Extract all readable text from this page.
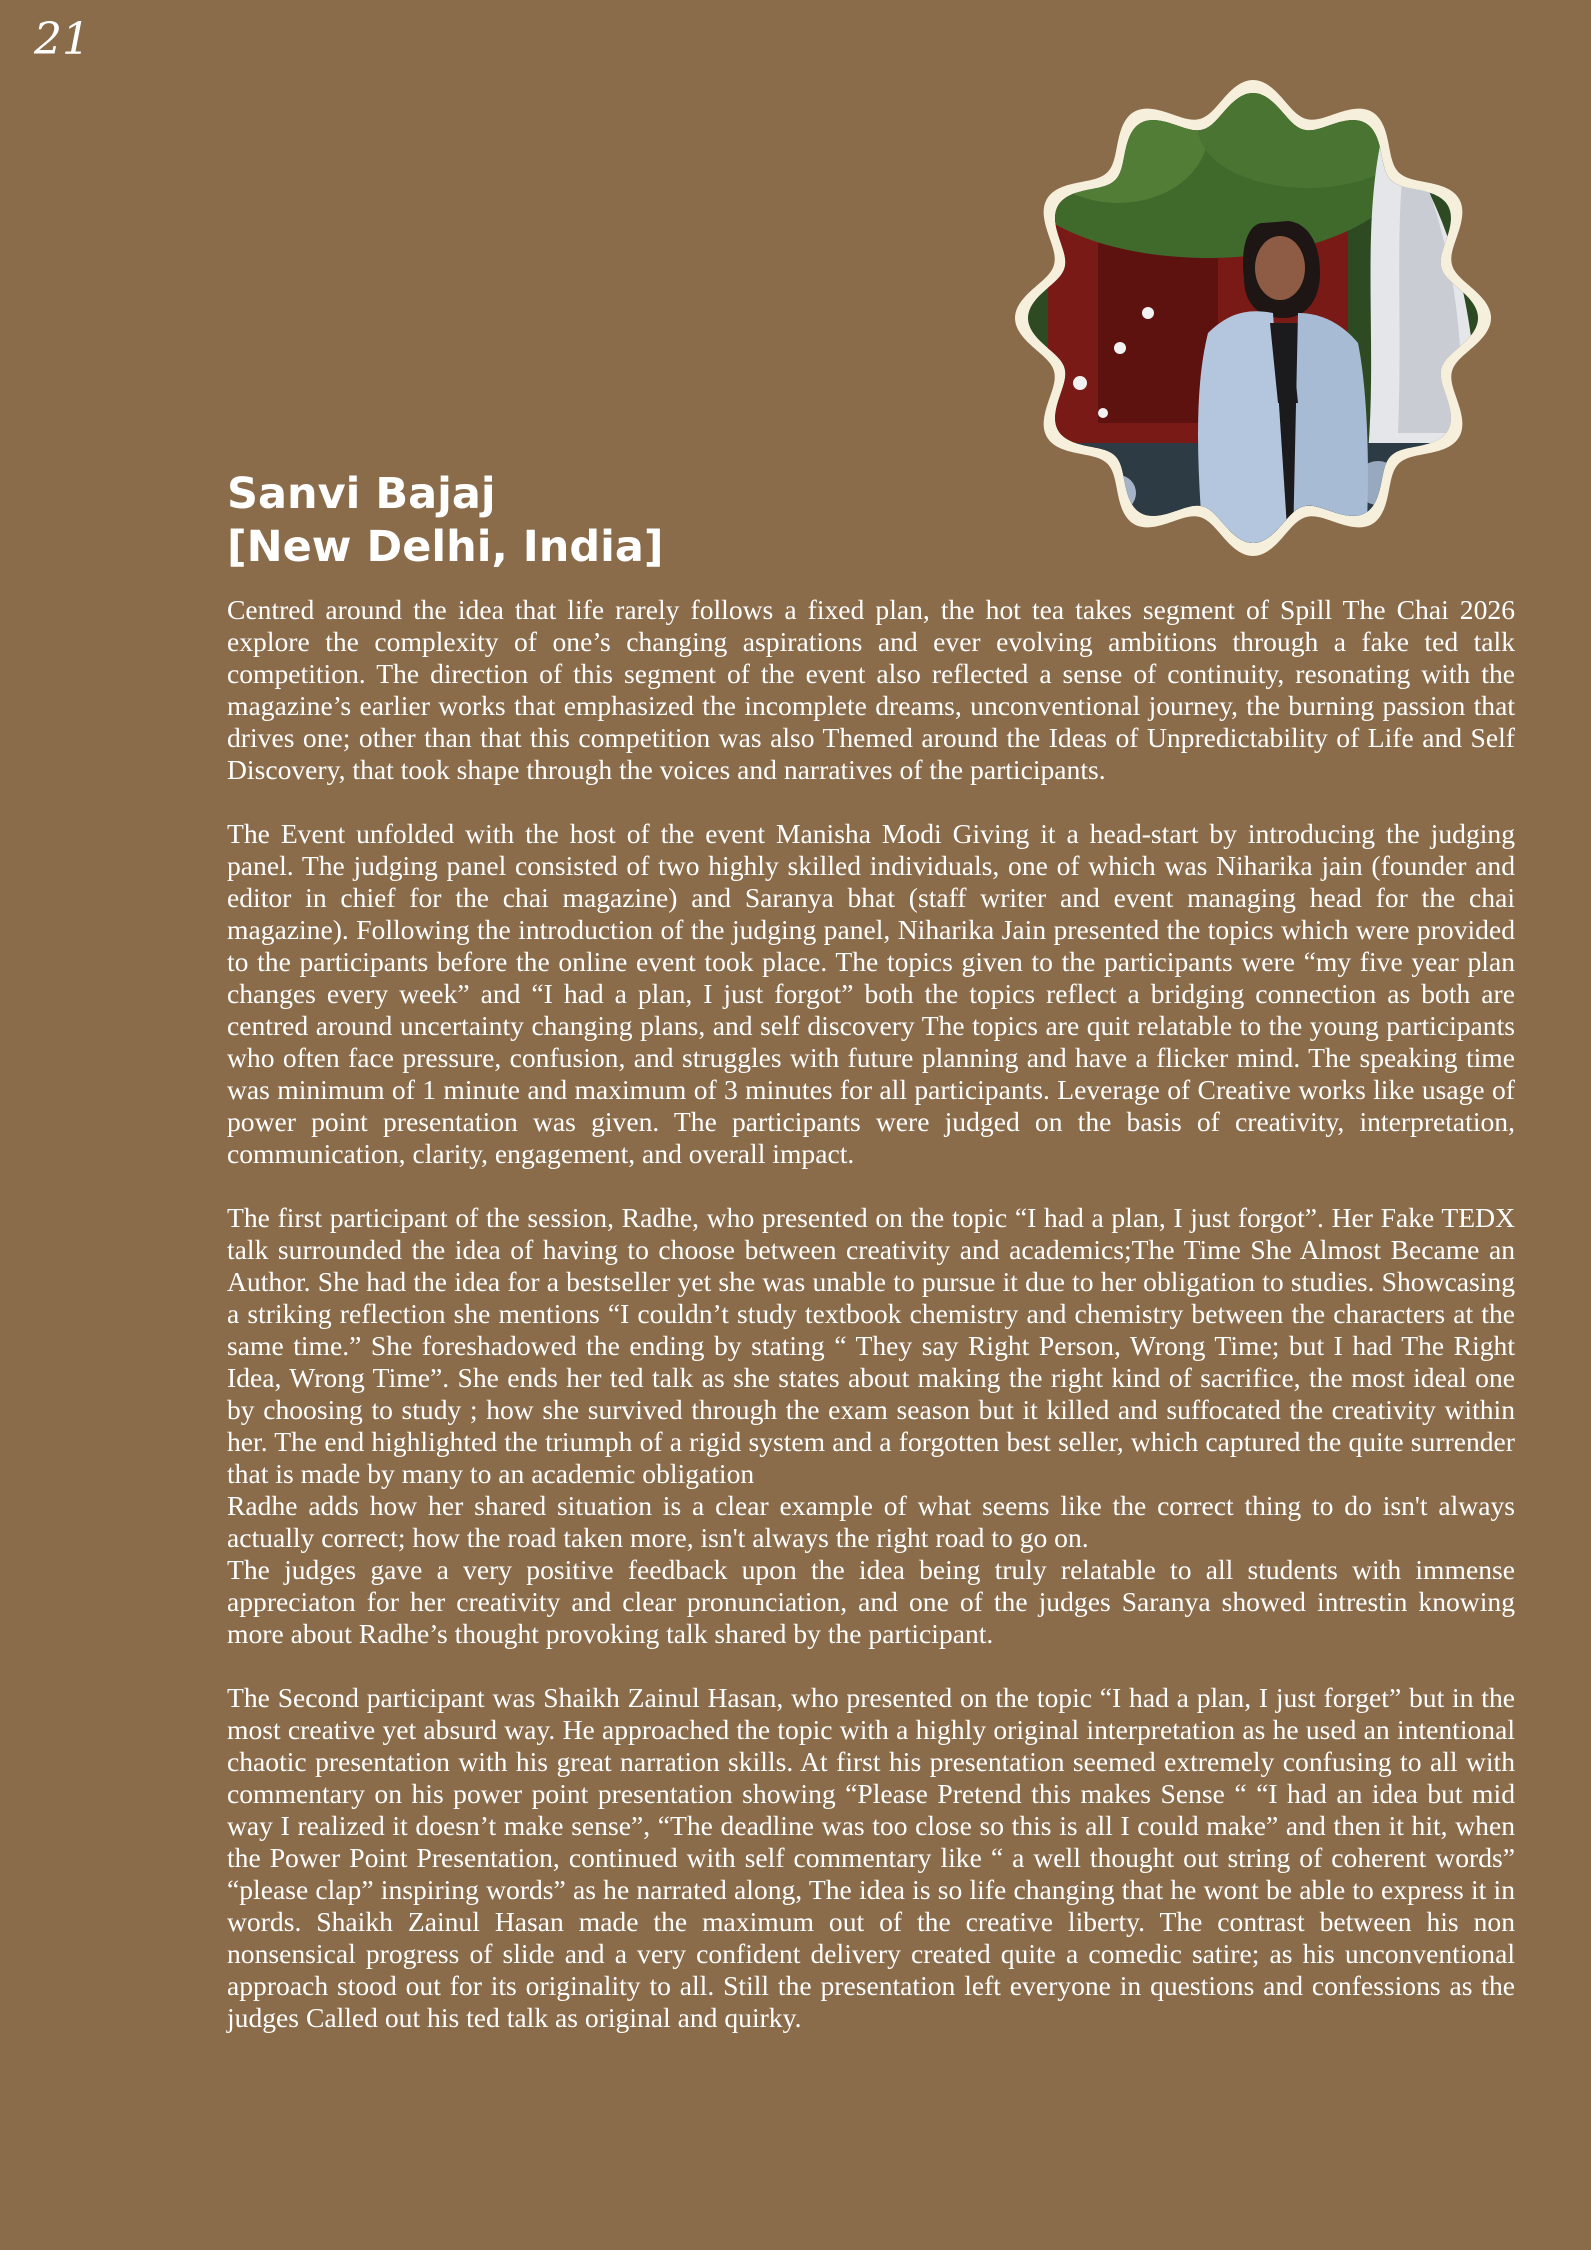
21
Sanvi Bajaj
[New Delhi, India]

Centred around the idea that life rarely follows a fixed plan, the hot tea takes segment of Spill The Chai 2026 explore the complexity of one’s changing aspirations and ever evolving ambitions through a fake ted talk competition. The direction of this segment of the event also reflected a sense of continuity, resonating with the magazine’s earlier works that emphasized the incomplete dreams, unconventional journey, the burning passion that drives one; other than that this competition was also Themed around the Ideas of Unpredictability of Life and Self Discovery, that took shape through the voices and narratives of the participants.

The Event unfolded with the host of the event Manisha Modi Giving it a head-start by introducing the judging panel. The judging panel consisted of two highly skilled individuals, one of which was Niharika jain (founder and editor in chief for the chai magazine) and Saranya bhat (staff writer and event managing head for the chai magazine). Following the introduction of the judging panel, Niharika Jain presented the topics which were provided to the participants before the online event took place. The topics given to the participants were “my five year plan changes every week” and “I had a plan, I just forgot” both the topics reflect a bridging connection as both are centred around uncertainty changing plans, and self discovery The topics are quit relatable to the young participants who often face pressure, confusion, and struggles with future planning and have a flicker mind. The speaking time was minimum of 1 minute and maximum of 3 minutes for all participants. Leverage of Creative works like usage of power point presentation was given. The participants were judged on the basis of creativity, interpretation, communication, clarity, engagement, and overall impact.

The first participant of the session, Radhe, who presented on the topic “I had a plan, I just forgot”. Her Fake TEDX talk surrounded the idea of having to choose between creativity and academics;The Time She Almost Became an Author. She had the idea for a bestseller yet she was unable to pursue it due to her obligation to studies. Showcasing a striking reflection she mentions “I couldn’t study textbook chemistry and chemistry between the characters at the same time.” She foreshadowed the ending by stating “ They say Right Person, Wrong Time; but I had The Right Idea, Wrong Time”. She ends her ted talk as she states about making the right kind of sacrifice, the most ideal one by choosing to study ; how she survived through the exam season but it killed and suffocated the creativity within her. The end highlighted the triumph of a rigid system and a forgotten best seller, which captured the quite surrender that is made by many to an academic obligation

Radhe adds how her shared situation is a clear example of what seems like the correct thing to do isn't always actually correct; how the road taken more, isn't always the right road to go on.

The judges gave a very positive feedback upon the idea being truly relatable to all students with immense appreciaton for her creativity and clear pronunciation, and one of the judges Saranya showed intrestin knowing more about Radhe’s thought provoking talk shared by the participant.

The Second participant was Shaikh Zainul Hasan, who presented on the topic “I had a plan, I just forget” but in the most creative yet absurd way. He approached the topic with a highly original interpretation as he used an intentional chaotic presentation with his great narration skills. At first his presentation seemed extremely confusing to all with commentary on his power point presentation showing “Please Pretend this makes Sense “ “I had an idea but mid way I realized it doesn’t make sense”, “The deadline was too close so this is all I could make” and then it hit, when the Power Point Presentation, continued with self commentary like “ a well thought out string of coherent words” “please clap” inspiring words” as he narrated along, The idea is so life changing that he wont be able to express it in words. Shaikh Zainul Hasan made the maximum out of the creative liberty. The contrast between his non nonsensical progress of slide and a very confident delivery created quite a comedic satire; as his unconventional approach stood out for its originality to all. Still the presentation left everyone in questions and confessions as the judges Called out his ted talk as original and quirky.
